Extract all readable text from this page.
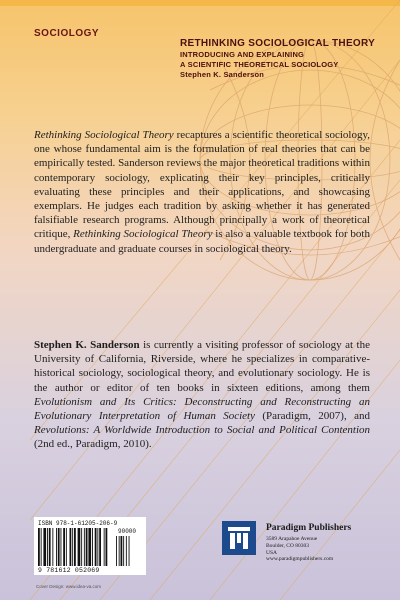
SOCIOLOGY

RETHINKING SOCIOLOGICAL THEORY

INTRODUCING AND EXPLAINING

A SCIENTIFIC THEORETICAL SOCIOLOGY

Stephen K. Sanderson

Rethinking Sociological Theory recaptures a scientific theoretical sociology, one whose fundamental aim is the formulation of real theories that can be empirically tested. Sanderson reviews the major theoretical traditions within contemporary sociology, explicating their key principles, critically evaluating these principles and their applications, and showcasing exemplars. He judges each tradition by asking whether it has generated falsifiable research programs. Although principally a work of theoretical critique, Rethinking Sociological Theory is also a valuable textbook for both undergraduate and graduate courses in sociological theory.

Stephen K. Sanderson is currently a visiting professor of sociology at the University of California, Riverside, where he specializes in comparative-historical sociology, sociological theory, and evolutionary sociology. He is the author or editor of ten books in sixteen editions, among them Evolutionism and Its Critics: Deconstructing and Reconstructing an Evolutionary Interpretation of Human Society (Paradigm, 2007), and Revolutions: A Worldwide Introduction to Social and Political Contention (2nd ed., Paradigm, 2010).

ISBN 978-1-61205-206-9
90000
9 781612 052069
Cover Design: www.idea-va.com
Paradigm Publishers
3589 Arapahoe Avenue
Boulder, CO 80303
USA
www.paradigmpublishers.com
